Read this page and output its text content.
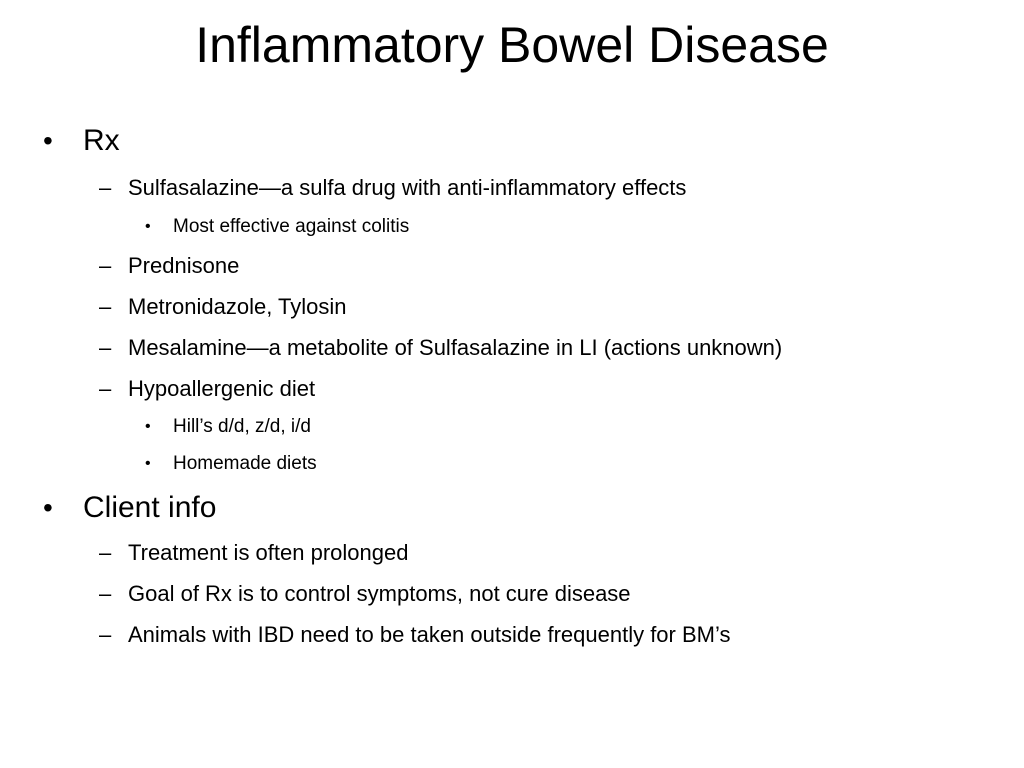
Inflammatory Bowel Disease
• Rx
– Sulfasalazine—a sulfa drug with anti-inflammatory effects
• Most effective against colitis
– Prednisone
– Metronidazole, Tylosin
– Mesalamine—a metabolite of Sulfasalazine in LI (actions unknown)
– Hypoallergenic diet
• Hill’s d/d, z/d, i/d
• Homemade diets
• Client info
– Treatment is often prolonged
– Goal of Rx is to control symptoms, not cure disease
– Animals with IBD need to be taken outside frequently for BM’s
